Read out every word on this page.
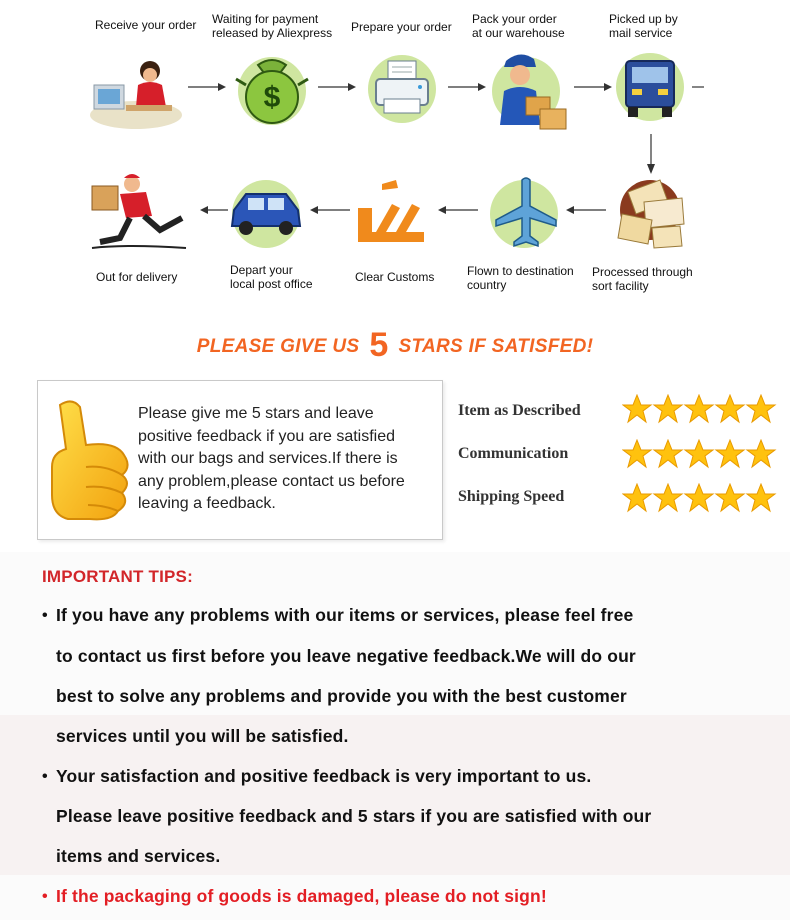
Receive your order Waiting for payment
released by Aliexpress Prepare your order
Pack your order
at our warehouse
Picked up by
mail service
$
Out for delivery	Depart your
local post office	Clear Customs	Flown to destination
country
Processed through
sort facility
PLEASE GIVE US 5 STARS IF SATISFED!
Please give me 5 stars and leave
positive feedback if you are satisfied
with our bags and services.If there is
any problem,please contact us before
leaving a feedback.
Item as Described
Communication
Shipping Speed
IMPORTANT TIPS:
• If you have any problems with our items or services, please feel free
to contact us first before you leave negative feedback.We will do our
best to solve any problems and provide you with the best customer
services until you will be satisfied.
• Your satisfaction and positive feedback is very important to us.
Please leave positive feedback and 5 stars if you are satisfied with our
items and services.
• If the packaging of goods is damaged, please do not sign!
